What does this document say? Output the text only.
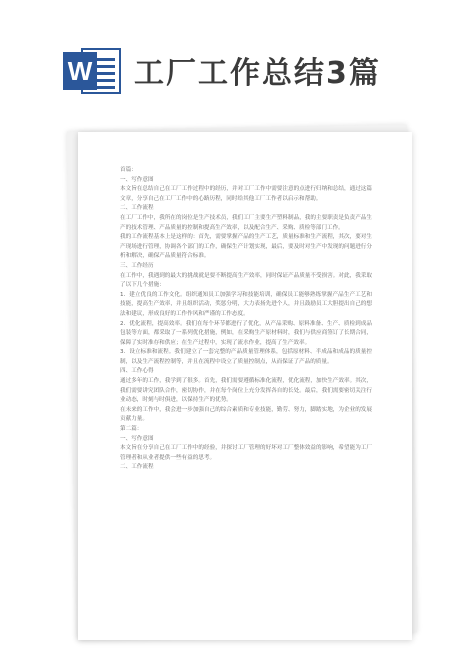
W 工厂工作总结3篇

首篇：

一、写作意图

本文旨在总结自己在工厂工作过程中的经历，并对工厂工作中需要注意的点进行归纳和总结，通过这篇文章，分享自己在工厂工作中的心路历程，同时给其他工厂工作者以启示和帮助。

二、工作流程

在工厂工作中，我所在的岗位是生产技术员，我们工厂主要生产塑料制品，我的主要职责是负责产品生产的技术管理、产品质量的控制和提高生产效率，以及配合生产、采购、质检等部门工作。

我的工作流程基本上是这样的：首先，需要掌握产品的生产工艺，质量标准和生产流程，其次，要对生产现场进行管理，协调各个部门的工作，确保生产计划实现，最后，要及时对生产中发现的问题进行分析和解决，确保产品质量符合标准。

三、工作经历

在工作中，我遇到的最大的挑战就是要不断提高生产效率，同时保证产品质量不受损害。对此，我采取了以下几个措施：

1．建立优良的工作文化。组织通知员工加强学习和技能培训，确保员工能够熟练掌握产品生产工艺和技能，提高生产效率，并且组织活动，奖惩分明，大力表扬先进个人，并且鼓励员工大胆提出自己的想法和建议，形成良好的工作作风和严谨的工作态度。

2．优化流程，提高效率。我们在每个环节都进行了优化，从产品采购、原料准备、生产、质检到成品包装等方面，都采取了一系列优化措施，例如，在采购生产原材料时，我们与供应商签订了长期合同，保障了实时准存和供应；在生产过程中，实现了流水作业，提高了生产效率。

3．设立标准和流程。我们建立了一套完整的产品质量管理体系，包括原材料、半成品和成品的质量控制，以及生产流程控制等，并且在流程中设立了质量控制点，从而保证了产品的质量。

四、工作心得

通过多年的工作，我学到了很多。首先，我们需要遵循标准化流程，优化流程，加快生产效率。其次，我们需要讲究团队合作，密切协作，并在每个岗位上充分发挥各自的长处。最后，我们需要密切关注行业动态，时刻与时俱进，以保持生产的优势。

在未来的工作中，我会进一步加强自己的综合素质和专业技能，勤劳、努力，脚踏实地，为企业的发展贡献力量。

第二篇：

一、写作意图

本文旨在分享自己在工厂工作中的经验，并探讨工厂管理的好坏对工厂整体效益的影响，希望能为工厂管理者和从业者提供一些有益的思考。

二、工作流程
